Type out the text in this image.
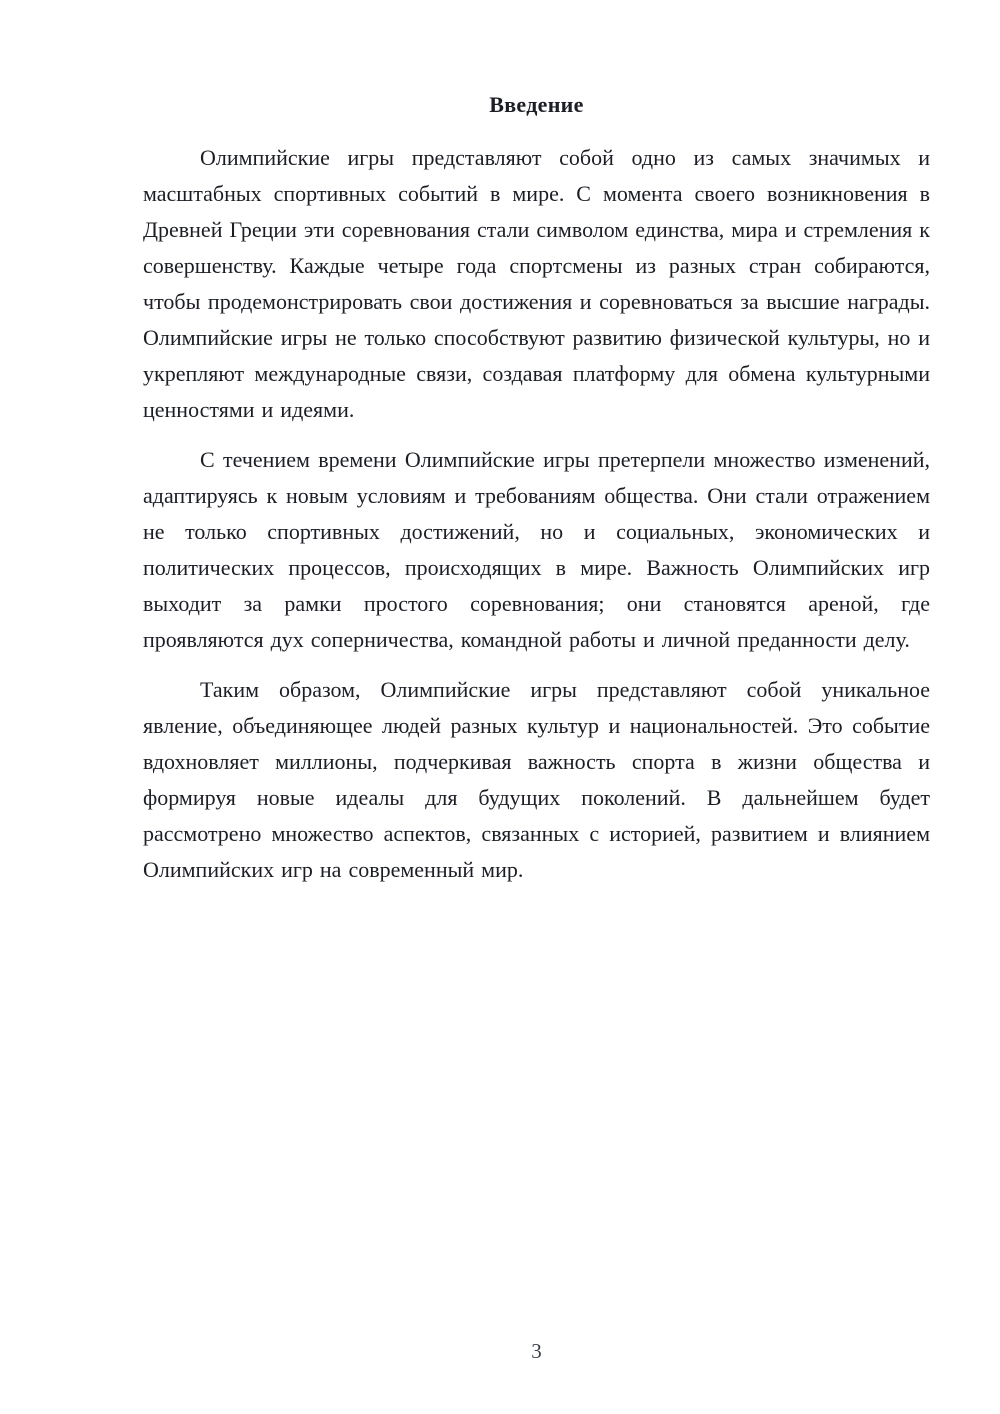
Введение

Олимпийские игры представляют собой одно из самых значимых и масштабных спортивных событий в мире. С момента своего возникновения в Древней Греции эти соревнования стали символом единства, мира и стремления к совершенству. Каждые четыре года спортсмены из разных стран собираются, чтобы продемонстрировать свои достижения и соревноваться за высшие награды. Олимпийские игры не только способствуют развитию физической культуры, но и укрепляют международные связи, создавая платформу для обмена культурными ценностями и идеями.

С течением времени Олимпийские игры претерпели множество изменений, адаптируясь к новым условиям и требованиям общества. Они стали отражением не только спортивных достижений, но и социальных, экономических и политических процессов, происходящих в мире. Важность Олимпийских игр выходит за рамки простого соревнования; они становятся ареной, где проявляются дух соперничества, командной работы и личной преданности делу.

Таким образом, Олимпийские игры представляют собой уникальное явление, объединяющее людей разных культур и национальностей. Это событие вдохновляет миллионы, подчеркивая важность спорта в жизни общества и формируя новые идеалы для будущих поколений. В дальнейшем будет рассмотрено множество аспектов, связанных с историей, развитием и влиянием Олимпийских игр на современный мир.

3
